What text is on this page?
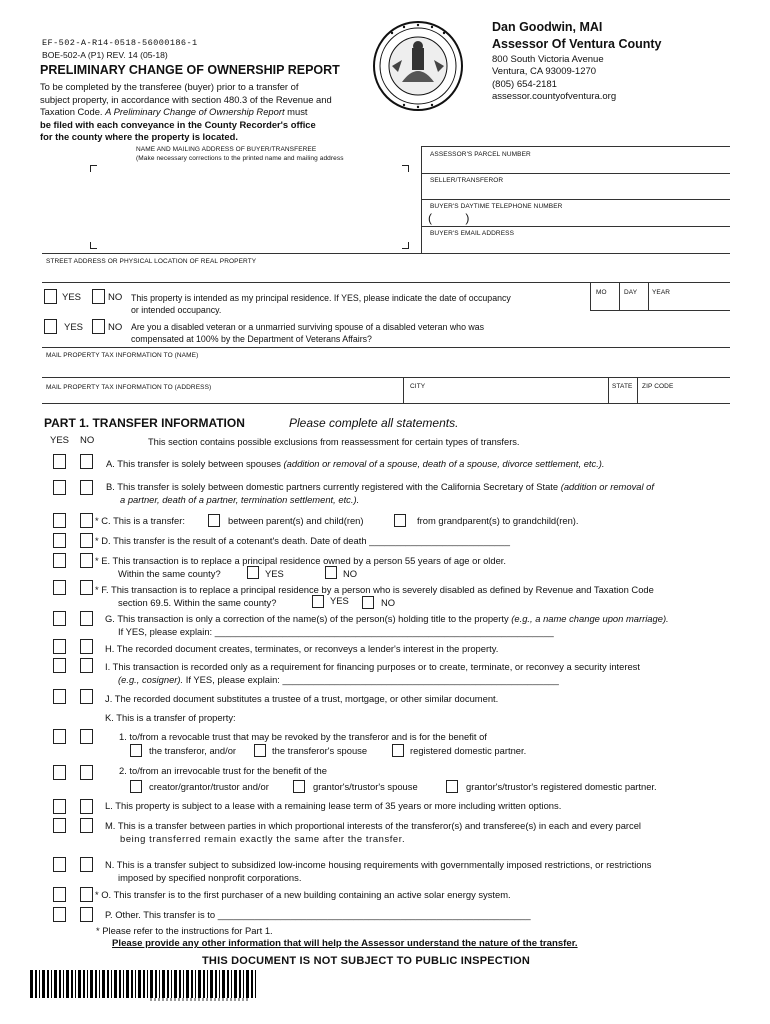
EF-502-A-R14-0518-56000186-1
BOE-502-A (P1) REV. 14 (05-18)
PRELIMINARY CHANGE OF OWNERSHIP REPORT
To be completed by the transferee (buyer) prior to a transfer of
subject property, in accordance with section 480.3 of the Revenue and
Taxation Code. A Preliminary Change of Ownership Report must
be filed with each conveyance in the County Recorder's office
for the county where the property is located.
Dan Goodwin, MAI
Assessor Of Ventura County
800 South Victoria Avenue
Ventura, CA 93009-1270
(805) 654-2181
assessor.countyofventura.org
NAME AND MAILING ADDRESS OF BUYER/TRANSFEREE
(Make necessary corrections to the printed name and mailing address
ASSESSOR'S PARCEL NUMBER
SELLER/TRANSFEROR
BUYER'S DAYTIME TELEPHONE NUMBER
(          )
BUYER'S EMAIL ADDRESS
STREET ADDRESS OR PHYSICAL LOCATION OF REAL PROPERTY
YES	NO This property is intended as my principal residence. If YES, please indicate the date of occupancy
or intended occupancy.
MO	DAY YEAR
YES	NO Are you a disabled veteran or a unmarried surviving spouse of a disabled veteran who was
compensated at 100% by the Department of Veterans Affairs?
MAIL PROPERTY TAX INFORMATION TO (NAME)
MAIL PROPERTY TAX INFORMATION TO (ADDRESS)	CITY	STATE ZIP CODE
PART 1. TRANSFER INFORMATION	Please complete all statements.
YES NO	This section contains possible exclusions from reassessment for certain types of transfers.
A. This transfer is solely between spouses (addition or removal of a spouse, death of a spouse, divorce settlement, etc.).
B. This transfer is solely between domestic partners currently registered with the California Secretary of State (addition or removal of
a partner, death of a partner, termination settlement, etc.).
* C. This is a transfer:	between parent(s) and child(ren)	from grandparent(s) to grandchild(ren).
* D. This transfer is the result of a cotenant's death. Date of death ___________________________
* E. This transaction is to replace a principal residence owned by a person 55 years of age or older.
Within the same county?	YES	NO
* F. This transaction is to replace a principal residence by a person who is severely disabled as defined by Revenue and Taxation Code
section 69.5. Within the same county?	YES	NO
G. This transaction is only a correction of the name(s) of the person(s) holding title to the property (e.g., a name change upon marriage).
If YES, please explain: _________________________________________________________________
H. The recorded document creates, terminates, or reconveys a lender's interest in the property.
I. This transaction is recorded only as a requirement for financing purposes or to create, terminate, or reconvey a security interest
(e.g., cosigner). If YES, please explain: _____________________________________________________
J. The recorded document substitutes a trustee of a trust, mortgage, or other similar document.
K. This is a transfer of property:
1. to/from a revocable trust that may be revoked by the transferor and is for the benefit of
the transferor, and/or	the transferor's spouse	registered domestic partner.
2. to/from an irrevocable trust for the benefit of the
creator/grantor/trustor and/or	grantor's/trustor's spouse	grantor's/trustor's registered domestic partner.
L. This property is subject to a lease with a remaining lease term of 35 years or more including written options.
M. This is a transfer between parties in which proportional interests of the transferor(s) and transferee(s) in each and every parcel
being transferred remain exactly the same after the transfer.
N. This is a transfer subject to subsidized low-income housing requirements with governmentally imposed restrictions, or restrictions
imposed by specified nonprofit corporations.
* O. This transfer is to the first purchaser of a new building containing an active solar energy system.
P. Other. This transfer is to ____________________________________________________________
* Please refer to the instructions for Part 1.
Please provide any other information that will help the Assessor understand the nature of the transfer.
THIS DOCUMENT IS NOT SUBJECT TO PUBLIC INSPECTION
